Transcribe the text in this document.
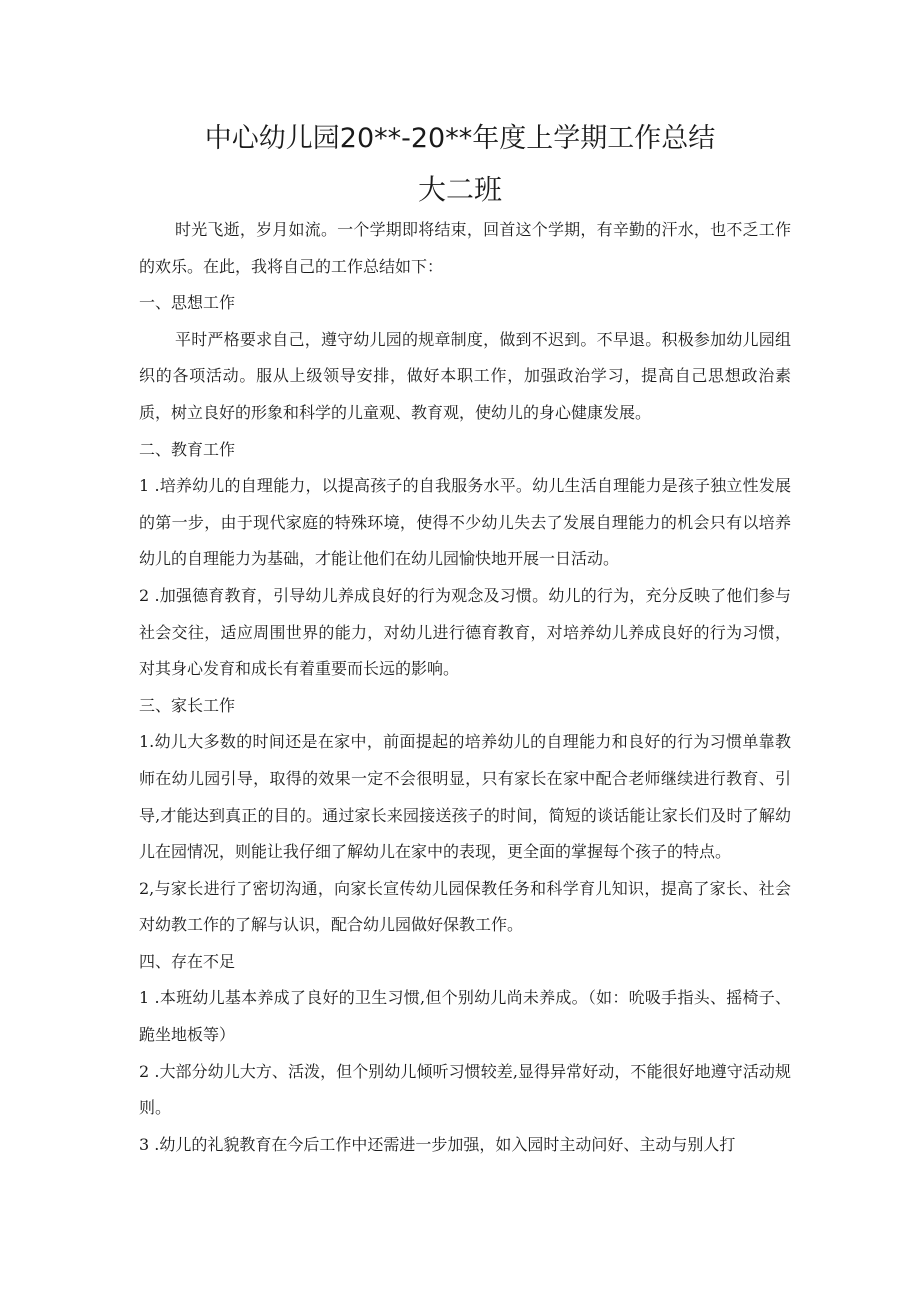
中心幼儿园20**-20**年度上学期工作总结
大二班

时光飞逝，岁月如流。一个学期即将结束，回首这个学期，有辛勤的汗水，也不乏工作的欢乐。在此，我将自己的工作总结如下：

一、思想工作

平时严格要求自己，遵守幼儿园的规章制度，做到不迟到。不早退。积极参加幼儿园组织的各项活动。服从上级领导安排，做好本职工作，加强政治学习，提高自己思想政治素质，树立良好的形象和科学的儿童观、教育观，使幼儿的身心健康发展。

二、教育工作

1 .培养幼儿的自理能力，以提高孩子的自我服务水平。幼儿生活自理能力是孩子独立性发展的第一步，由于现代家庭的特殊环境，使得不少幼儿失去了发展自理能力的机会只有以培养幼儿的自理能力为基础，才能让他们在幼儿园愉快地开展一日活动。

2 .加强德育教育，引导幼儿养成良好的行为观念及习惯。幼儿的行为，充分反映了他们参与社会交往，适应周围世界的能力，对幼儿进行德育教育，对培养幼儿养成良好的行为习惯，对其身心发育和成长有着重要而长远的影响。

三、家长工作

1.幼儿大多数的时间还是在家中，前面提起的培养幼儿的自理能力和良好的行为习惯单靠教师在幼儿园引导，取得的效果一定不会很明显，只有家长在家中配合老师继续进行教育、引导,才能达到真正的目的。通过家长来园接送孩子的时间，简短的谈话能让家长们及时了解幼儿在园情况，则能让我仔细了解幼儿在家中的表现，更全面的掌握每个孩子的特点。

2,与家长进行了密切沟通，向家长宣传幼儿园保教任务和科学育儿知识，提高了家长、社会对幼教工作的了解与认识，配合幼儿园做好保教工作。

四、存在不足

1 .本班幼儿基本养成了良好的卫生习惯,但个别幼儿尚未养成。（如：吮吸手指头、摇椅子、跪坐地板等）

2 .大部分幼儿大方、活泼，但个别幼儿倾听习惯较差,显得异常好动，不能很好地遵守活动规则。

3 .幼儿的礼貌教育在今后工作中还需进一步加强，如入园时主动问好、主动与别人打
